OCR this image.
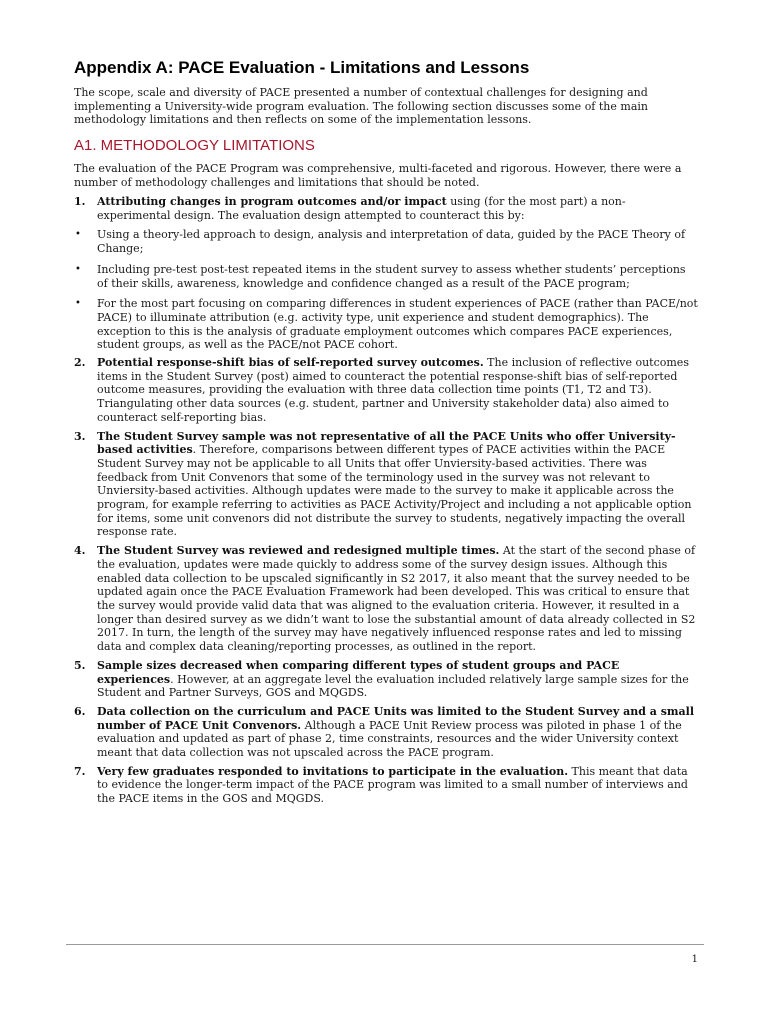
Appendix A: PACE Evaluation - Limitations and Lessons

The scope, scale and diversity of PACE presented a number of contextual challenges for designing and implementing a University-wide program evaluation. The following section discusses some of the main methodology limitations and then reflects on some of the implementation lessons.

A1. METHODOLOGY LIMITATIONS

The evaluation of the PACE Program was comprehensive, multi-faceted and rigorous. However, there were a number of methodology challenges and limitations that should be noted.

1. Attributing changes in program outcomes and/or impact using (for the most part) a non-experimental design. The evaluation design attempted to counteract this by:

• Using a theory-led approach to design, analysis and interpretation of data, guided by the PACE Theory of Change;

• Including pre-test post-test repeated items in the student survey to assess whether students’ perceptions of their skills, awareness, knowledge and confidence changed as a result of the PACE program;

• For the most part focusing on comparing differences in student experiences of PACE (rather than PACE/not PACE) to illuminate attribution (e.g. activity type, unit experience and student demographics). The exception to this is the analysis of graduate employment outcomes which compares PACE experiences, student groups, as well as the PACE/not PACE cohort.

2. Potential response-shift bias of self-reported survey outcomes. The inclusion of reflective outcomes items in the Student Survey (post) aimed to counteract the potential response-shift bias of self-reported outcome measures, providing the evaluation with three data collection time points (T1, T2 and T3). Triangulating other data sources (e.g. student, partner and University stakeholder data) also aimed to counteract self-reporting bias.

3. The Student Survey sample was not representative of all the PACE Units who offer University-based activities. Therefore, comparisons between different types of PACE activities within the PACE Student Survey may not be applicable to all Units that offer Unviersity-based activities. There was feedback from Unit Convenors that some of the terminology used in the survey was not relevant to Unviersity-based activities. Although updates were made to the survey to make it applicable across the program, for example referring to activities as PACE Activity/Project and including a not applicable option for items, some unit convenors did not distribute the survey to students, negatively impacting the overall response rate.

4. The Student Survey was reviewed and redesigned multiple times. At the start of the second phase of the evaluation, updates were made quickly to address some of the survey design issues. Although this enabled data collection to be upscaled significantly in S2 2017, it also meant that the survey needed to be updated again once the PACE Evaluation Framework had been developed. This was critical to ensure that the survey would provide valid data that was aligned to the evaluation criteria. However, it resulted in a longer than desired survey as we didn’t want to lose the substantial amount of data already collected in S2 2017. In turn, the length of the survey may have negatively influenced response rates and led to missing data and complex data cleaning/reporting processes, as outlined in the report.

5. Sample sizes decreased when comparing different types of student groups and PACE experiences. However, at an aggregate level the evaluation included relatively large sample sizes for the Student and Partner Surveys, GOS and MQGDS.

6. Data collection on the curriculum and PACE Units was limited to the Student Survey and a small number of PACE Unit Convenors. Although a PACE Unit Review process was piloted in phase 1 of the evaluation and updated as part of phase 2, time constraints, resources and the wider University context meant that data collection was not upscaled across the PACE program.

7. Very few graduates responded to invitations to participate in the evaluation. This meant that data to evidence the longer-term impact of the PACE program was limited to a small number of interviews and the PACE items in the GOS and MQGDS.

1
